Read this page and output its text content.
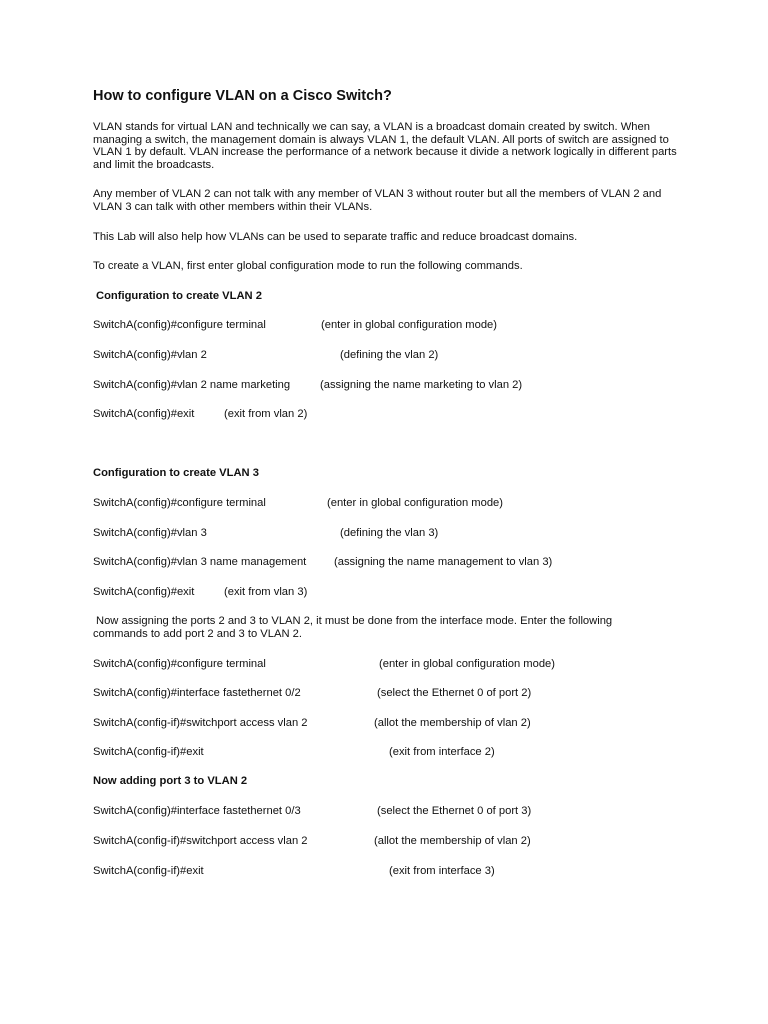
How to configure VLAN on a Cisco Switch?

VLAN stands for virtual LAN and technically we can say, a VLAN is a broadcast domain created by switch. When managing a switch, the management domain is always VLAN 1, the default VLAN. All ports of switch are assigned to VLAN 1 by default. VLAN increase the performance of a network because it divide a network logically in different parts and limit the broadcasts.

Any member of VLAN 2 can not talk with any member of VLAN 3 without router but all the members of VLAN 2 and VLAN 3 can talk with other members within their VLANs.

This Lab will also help how VLANs can be used to separate traffic and reduce broadcast domains.

To create a VLAN, first enter global configuration mode to run the following commands.

Configuration to create VLAN 2

SwitchA(config)#configure terminal	(enter in global configuration mode)
SwitchA(config)#vlan 2	(defining the vlan 2)
SwitchA(config)#vlan 2 name marketing	(assigning the name marketing to vlan 2)
SwitchA(config)#exit	(exit from vlan 2)

Configuration to create VLAN 3

SwitchA(config)#configure terminal	(enter in global configuration mode)
SwitchA(config)#vlan 3	(defining the vlan 3)
SwitchA(config)#vlan 3 name management (assigning the name management to vlan 3)
SwitchA(config)#exit	(exit from vlan 3)

Now assigning the ports 2 and 3 to VLAN 2, it must be done from the interface mode. Enter the following commands to add port 2 and 3 to VLAN 2.

SwitchA(config)#configure terminal	(enter in global configuration mode)
SwitchA(config)#interface fastethernet 0/2	(select the Ethernet 0 of port 2)
SwitchA(config-if)#switchport access vlan 2	(allot the membership of vlan 2)
SwitchA(config-if)#exit	(exit from interface 2)

Now adding port 3 to VLAN 2

SwitchA(config)#interface fastethernet 0/3	(select the Ethernet 0 of port 3)
SwitchA(config-if)#switchport access vlan 2	(allot the membership of vlan 2)
SwitchA(config-if)#exit	(exit from interface 3)
